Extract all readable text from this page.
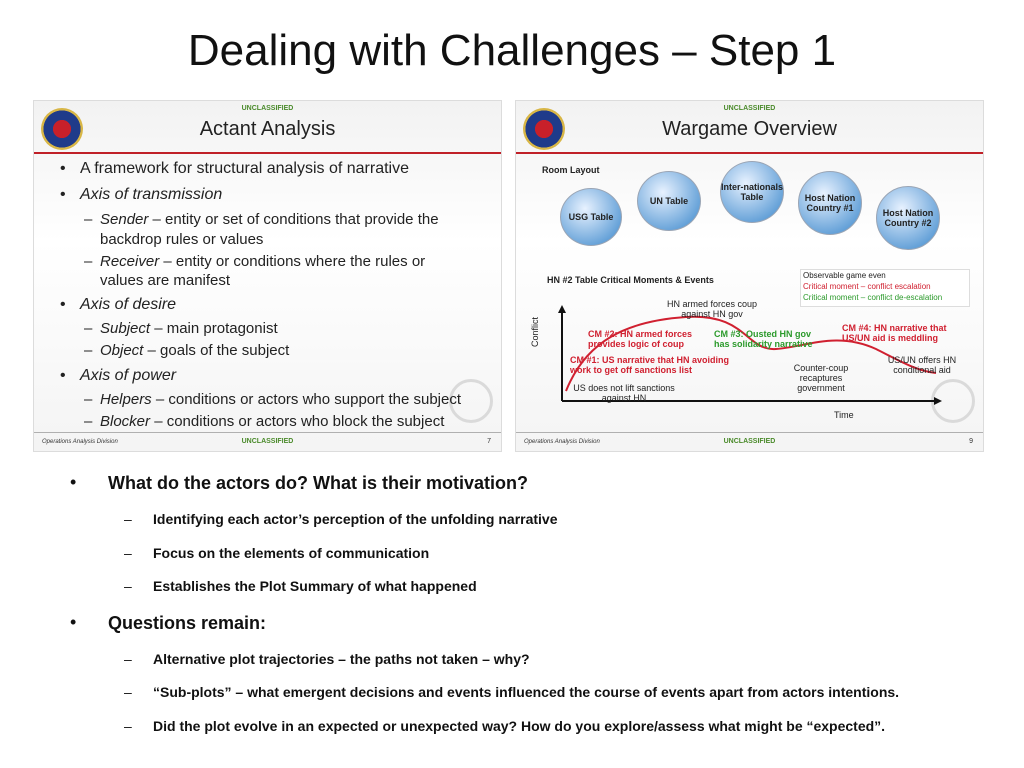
Dealing with Challenges – Step 1
UNCLASSIFIED
Actant Analysis
• A framework for structural analysis of narrative
• Axis of transmission
– Sender – entity or set of conditions that provide the
backdrop rules or values
– Receiver – entity or conditions where the rules or
values are manifest
• Axis of desire
– Subject – main protagonist
– Object – goals of the subject
• Axis of power
– Helpers – conditions or actors who support the subject
– Blocker – conditions or actors who block the subject
Operations Analysis Division	UNCLASSIFIED	7
UNCLASSIFIED
Wargame Overview
Room Layout
USG Table
UN Table
Inter-nationals Table	Host Nation Country #1	Host Nation Country #2
HN #2 Table Critical Moments & Events	Observable game even
Critical moment – conflict escalation
Critical moment – conflict de-escalation
Conflict
Time
HN armed forces coup against HN gov
CM #2: HN armed forces provides logic of coup
CM #3: Ousted HN gov has solidarity narrative
CM #4: HN narrative that US/UN aid is meddling
CM #1: US narrative that HN avoiding work to get off sanctions list
US/UN offers HN conditional aid
Counter-coup recaptures government
US does not lift sanctions against HN
Operations Analysis Division	UNCLASSIFIED	9
• What do the actors do? What is their motivation?
– Identifying each actor’s perception of the unfolding narrative
– Focus on the elements of communication
– Establishes the Plot Summary of what happened
• Questions remain:
– Alternative plot trajectories – the paths not taken – why?
– “Sub-plots” – what emergent decisions and events influenced the course of events apart from actors intentions.
– Did the plot evolve in an expected or unexpected way? How do you explore/assess what might be “expected”.
